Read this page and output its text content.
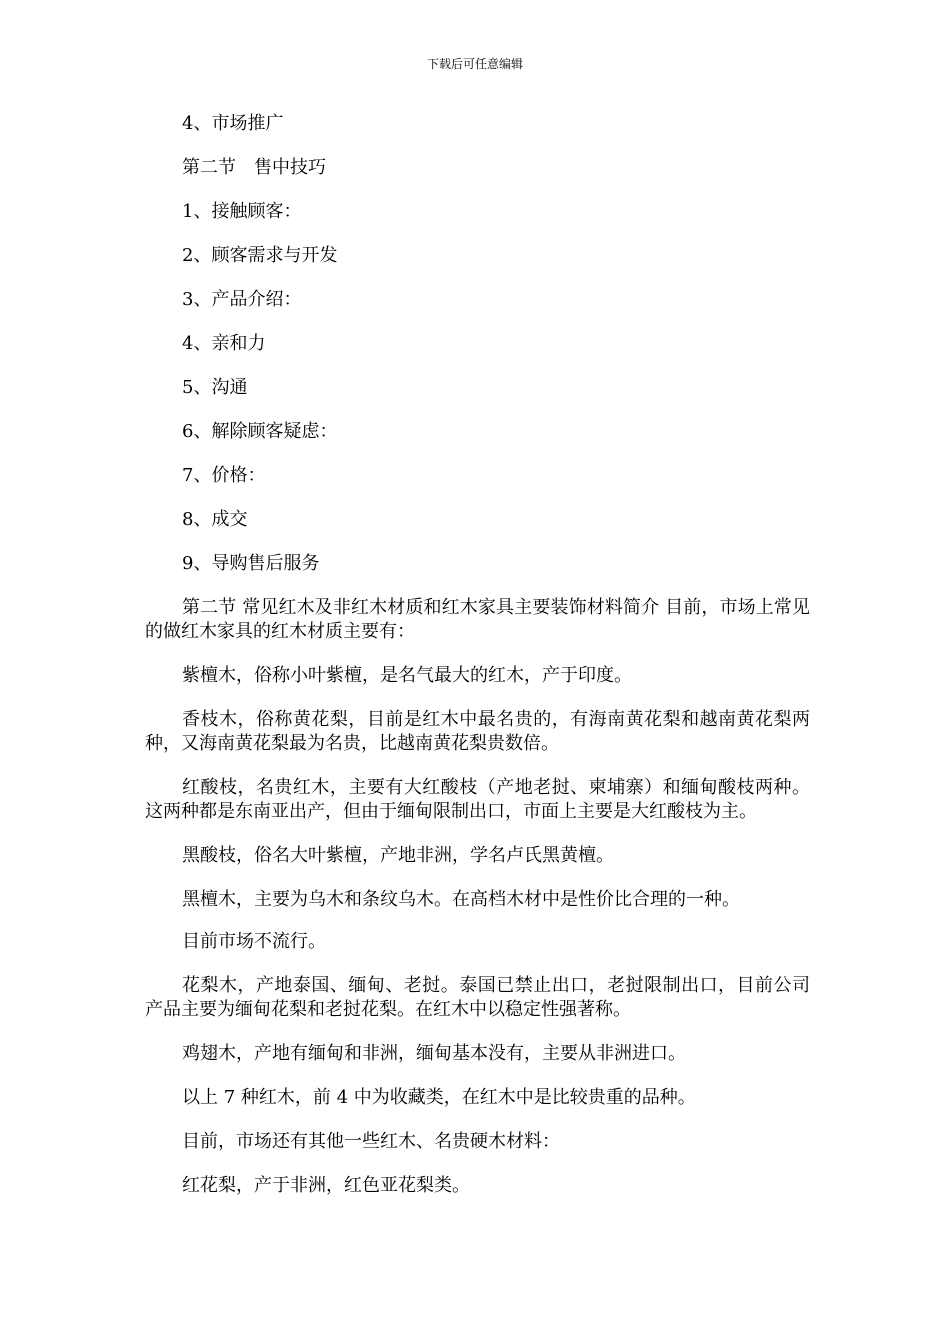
下载后可任意编辑

4、市场推广

第二节　售中技巧

1、接触顾客：

2、顾客需求与开发

3、产品介绍：

4、亲和力

5、沟通

6、解除顾客疑虑：

7、价格：

8、成交

9、导购售后服务

第二节 常见红木及非红木材质和红木家具主要装饰材料简介 目前，市场上常见的做红木家具的红木材质主要有：

紫檀木，俗称小叶紫檀，是名气最大的红木，产于印度。

香枝木，俗称黄花梨，目前是红木中最名贵的，有海南黄花梨和越南黄花梨两种，又海南黄花梨最为名贵，比越南黄花梨贵数倍。

红酸枝，名贵红木，主要有大红酸枝（产地老挝、柬埔寨）和缅甸酸枝两种。这两种都是东南亚出产，但由于缅甸限制出口，市面上主要是大红酸枝为主。

黑酸枝，俗名大叶紫檀，产地非洲，学名卢氏黑黄檀。

黑檀木，主要为乌木和条纹乌木。在高档木材中是性价比合理的一种。

目前市场不流行。

花梨木，产地泰国、缅甸、老挝。泰国已禁止出口，老挝限制出口，目前公司产品主要为缅甸花梨和老挝花梨。在红木中以稳定性强著称。

鸡翅木，产地有缅甸和非洲，缅甸基本没有，主要从非洲进口。

以上 7 种红木，前 4 中为收藏类，在红木中是比较贵重的品种。

目前，市场还有其他一些红木、名贵硬木材料：

红花梨，产于非洲，红色亚花梨类。
